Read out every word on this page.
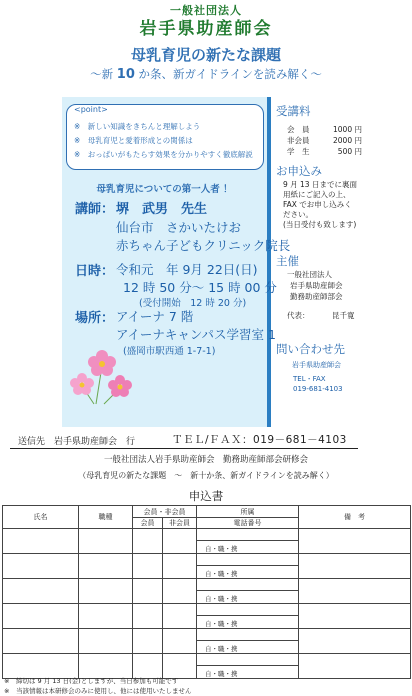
一般社団法人
岩手県助産師会
母乳育児の新たな課題
～新 10 か条、新ガイドラインを読み解く～
<point>
※　新しい知識をきちんと理解しよう
※　母乳育児と愛着形成との関係は
※　おっぱいがもたらす効果を分かりやすく徹底解説
母乳育児についての第一人者 ！
講師： 堺　武男　先生
仙台市　さかいたけお
赤ちゃん子どもクリニック院長
日時： 令和元　年 9月 22日(日)
12 時 50 分～ 15 時 00 分
(受付開始　12 時 20 分)
場所： アイーナ 7 階
アイーナキャンパス学習室 1
(盛岡市駅西通 1-7-1)
受講料
会　員	1000 円
非会員	2000 円
学　生	500 円
お申込み
9 月 13 日までに裏面
用紙にご記入の上、
FAX でお申し込みく
ださい。
(当日受付も致します)
主催
一般社団法人
岩手県助産師会
勤務助産師部会
代表：	昆千寛
問い合わせ先
岩手県助産師会
TEL・FAX
019-681-4103
送信先　岩手県助産師会　行	ＴＥＬ/ＦＡＸ：019－681－4103
一般社団法人岩手県助産師会　勤務助産師部会研修会
（母乳育児の新たな課題　～　新十か条、新ガイドラインを読み解く）
申込書
氏名	職種	会員・非会員		所属	備　考
		会員	非会員	電話番号	

				自・職・携	

				自・職・携	

				自・職・携	

				自・職・携	

				自・職・携	

				自・職・携	
※　締切は 9 月 13 日(金)としますが、当日参加も可能です
※　当該情報は本研修会のみに使用し、他には使用いたしません
